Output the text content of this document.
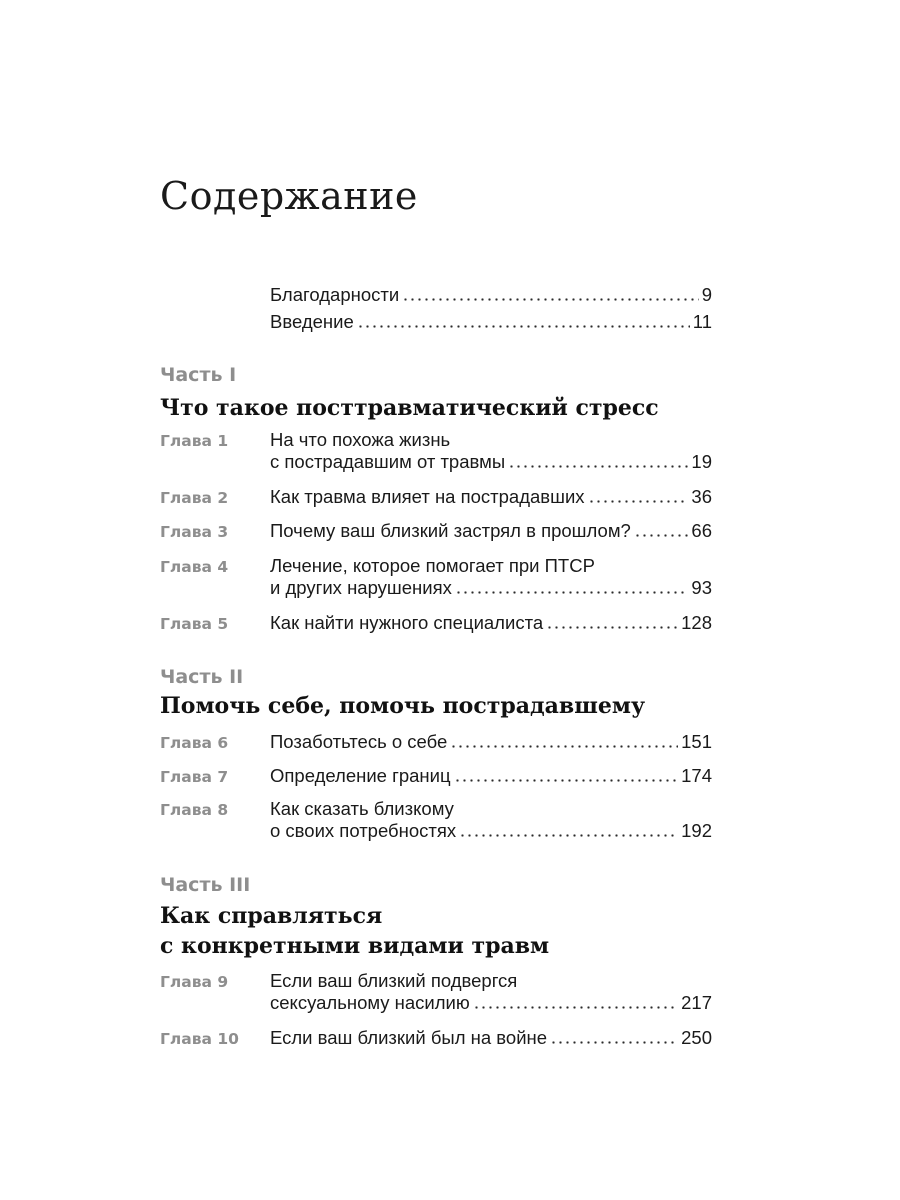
Содержание
Благодарности	9
Введение	11
Часть I
Что такое посттравматический стресс
Глава 1 На что похожа жизнь
с пострадавшим от травмы	19
Глава 2 Как травма влияет на пострадавших	36
Глава 3 Почему ваш близкий застрял в прошлом?	66
Глава 4 Лечение, которое помогает при ПТСР
и других нарушениях	93
Глава 5 Как найти нужного специалиста	128
Часть II
Помочь себе, помочь пострадавшему
Глава 6 Позаботьтесь о себе	151
Глава 7 Определение границ	174
Глава 8 Как сказать близкому
о своих потребностях	192
Часть III
Как справляться
с конкретными видами травм
Глава 9 Если ваш близкий подвергся
сексуальному насилию	217
Глава 10 Если ваш близкий был на войне	250
